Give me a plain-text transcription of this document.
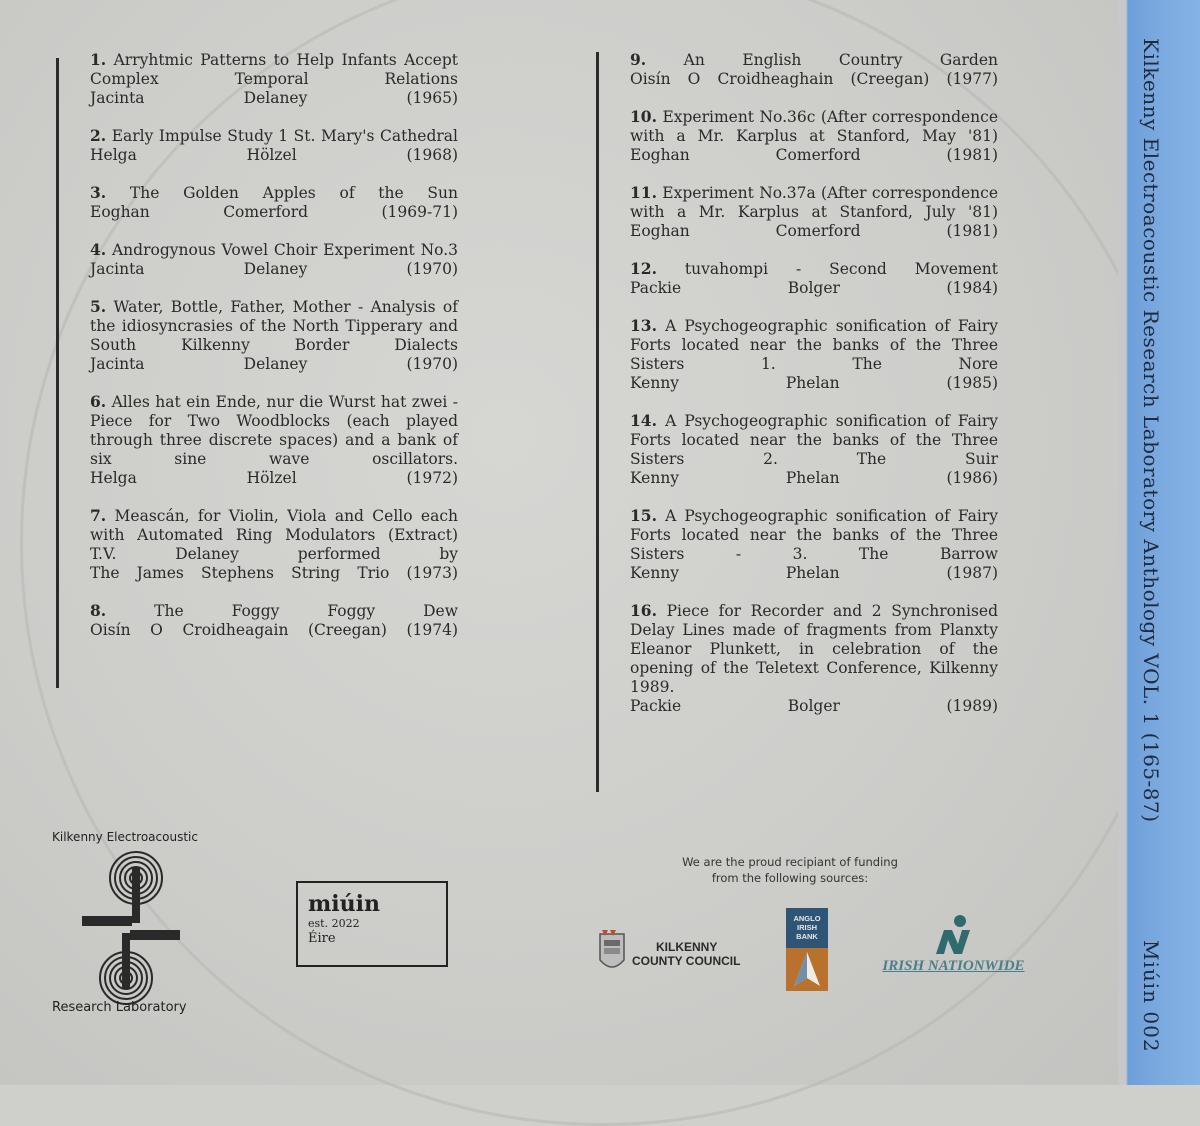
Kilkenny Electroacoustic Research Laboratory Anthology VOL. 1 (165-87)
Miúin 002
1. Arryhtmic Patterns to Help Infants Accept Complex Temporal Relations
Jacinta Delaney (1965)
2. Early Impulse Study 1 St. Mary's Cathedral
Helga Hölzel (1968)
3. The Golden Apples of the Sun
Eoghan Comerford (1969-71)
4. Androgynous Vowel Choir Experiment No.3
Jacinta Delaney (1970)
5. Water, Bottle, Father, Mother - Analysis of the idiosyncrasies of the North Tipperary and South Kilkenny Border Dialects
Jacinta Delaney (1970)
6. Alles hat ein Ende, nur die Wurst hat zwei - Piece for Two Woodblocks (each played through three discrete spaces) and a bank of six sine wave oscillators.
Helga Hölzel (1972)
7. Meascán, for Violin, Viola and Cello each with Automated Ring Modulators (Extract) T.V. Delaney performed by
The James Stephens String Trio (1973)
8.	The Foggy Foggy Dew
Oisín O Croidheagain (Creegan) (1974)
9. An English Country Garden
Oisín O Croidheaghain (Creegan) (1977)
10. Experiment No.36c (After correspondence with a Mr. Karplus at Stanford, May '81)
Eoghan Comerford (1981)
11. Experiment No.37a (After correspondence with a Mr. Karplus at Stanford, July '81)
Eoghan Comerford (1981)
12. tuvahompi - Second Movement
Packie Bolger (1984)
13. A Psychogeographic sonification of Fairy Forts located near the banks of the Three Sisters 1. The Nore
Kenny Phelan (1985)
14. A Psychogeographic sonification of Fairy Forts located near the banks of the Three Sisters 2. The Suir
Kenny Phelan (1986)
15. A Psychogeographic sonification of Fairy Forts located near the banks of the Three Sisters - 3. The Barrow
Kenny Phelan (1987)
16. Piece for Recorder and 2 Synchronised Delay Lines made of fragments from Planxty Eleanor Plunkett, in celebration of the opening of the Teletext Conference, Kilkenny 1989.
Packie Bolger (1989)
Kilkenny Electroacoustic
Research Laboratory
miúin
est. 2022
Éire
We are the proud recipiant of funding
from the following sources:
KILKENNY
COUNTY COUNCIL
ANGLO IRISH BANK
IRISH NATIONWIDE
